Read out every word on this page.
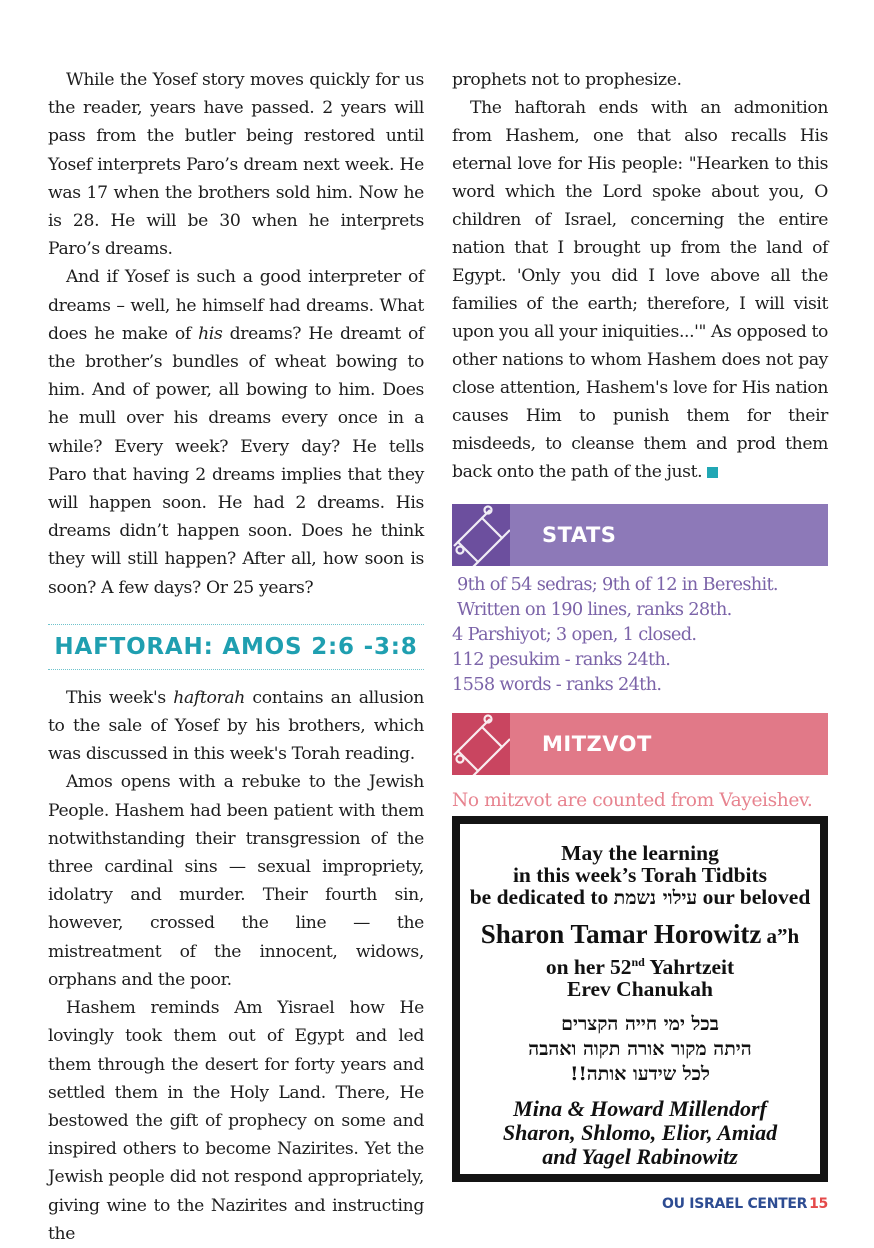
While the Yosef story moves quickly for us the reader, years have passed. 2 years will pass from the butler being restored until Yosef interprets Paro’s dream next week. He was 17 when the brothers sold him. Now he is 28. He will be 30 when he interprets Paro’s dreams.

And if Yosef is such a good interpreter of dreams – well, he himself had dreams. What does he make of his dreams? He dreamt of the brother’s bundles of wheat bowing to him. And of power, all bowing to him. Does he mull over his dreams every once in a while? Every week? Every day? He tells Paro that having 2 dreams implies that they will happen soon. He had 2 dreams. His dreams didn’t happen soon. Does he think they will still happen? After all, how soon is soon? A few days? Or 25 years?

HAFTORAH: AMOS 2:6 -3:8

This week's haftorah contains an allusion to the sale of Yosef by his brothers, which was discussed in this week's Torah reading.

Amos opens with a rebuke to the Jewish People. Hashem had been patient with them notwithstanding their transgression of the three cardinal sins — sexual impropriety, idolatry and murder. Their fourth sin, however, crossed the line — the mistreatment of the innocent, widows, orphans and the poor.

Hashem reminds Am Yisrael how He lovingly took them out of Egypt and led them through the desert for forty years and settled them in the Holy Land. There, He bestowed the gift of prophecy on some and inspired others to become Nazirites. Yet the Jewish people did not respond appropriately, giving wine to the Nazirites and instructing the

prophets not to prophesize.

The haftorah ends with an admonition from Hashem, one that also recalls His eternal love for His people: "Hearken to this word which the Lord spoke about you, O children of Israel, concerning the entire nation that I brought up from the land of Egypt. 'Only you did I love above all the families of the earth; therefore, I will visit upon you all your iniquities...'" As opposed to other nations to whom Hashem does not pay close attention, Hashem's love for His nation causes Him to punish them for their misdeeds, to cleanse them and prod them back onto the path of the just.

STATS
9th of 54 sedras; 9th of 12 in Bereshit.
Written on 190 lines, ranks 28th.
4 Parshiyot; 3 open, 1 closed.
112 pesukim - ranks 24th.
1558 words - ranks 24th.
MITZVOT

No mitzvot are counted from Vayeishev.

May the learning
in this week’s Torah Tidbits
be dedicated to עילוי נשמת our beloved
Sharon Tamar Horowitz a”h
on her 52nd Yahrtzeit
Erev Chanukah
בכל ימי חייה הקצרים
היתה מקור אורה תקוה ואהבה
לכל שידעו אותה!!
Mina & Howard Millendorf
Sharon, Shlomo, Elior, Amiad
and Yagel Rabinowitz
OU ISRAEL CENTER 15
